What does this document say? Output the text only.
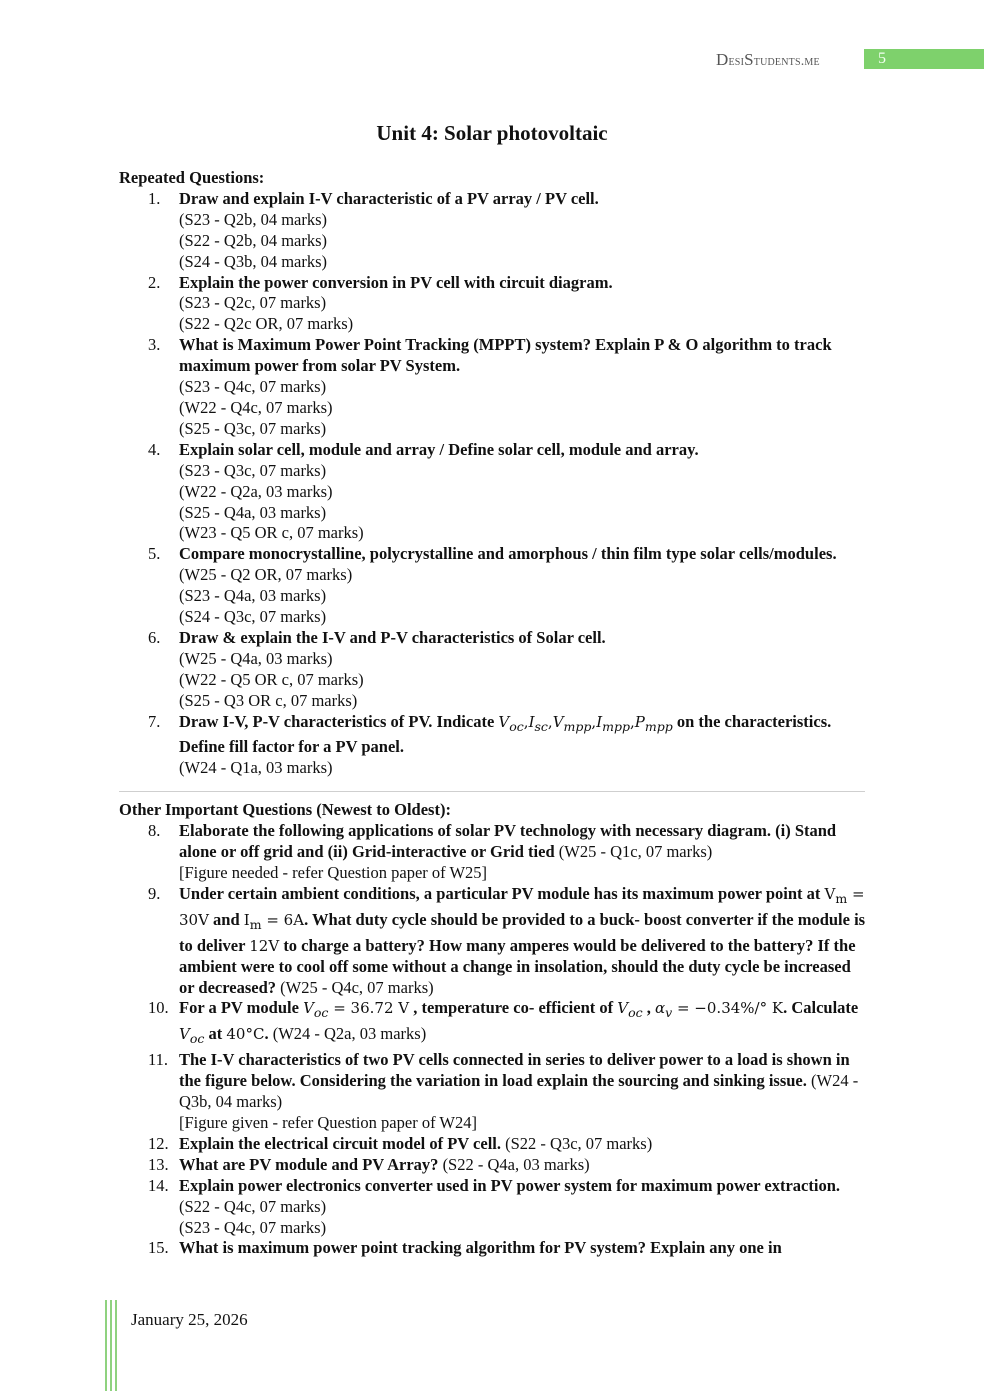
DesiStudents.me	5
Unit 4: Solar photovoltaic
Repeated Questions:
1.	Draw and explain I-V characteristic of a PV array / PV cell.
(S23 - Q2b, 04 marks)
(S22 - Q2b, 04 marks)
(S24 - Q3b, 04 marks)
2.	Explain the power conversion in PV cell with circuit diagram.
(S23 - Q2c, 07 marks)
(S22 - Q2c OR, 07 marks)
3.	What is Maximum Power Point Tracking (MPPT) system? Explain P & O algorithm to track maximum power from solar PV System.
(S23 - Q4c, 07 marks)
(W22 - Q4c, 07 marks)
(S25 - Q3c, 07 marks)
4.	Explain solar cell, module and array / Define solar cell, module and array.
(S23 - Q3c, 07 marks)
(W22 - Q2a, 03 marks)
(S25 - Q4a, 03 marks)
(W23 - Q5 OR c, 07 marks)
5.	Compare monocrystalline, polycrystalline and amorphous / thin film type solar cells/modules.
(W25 - Q2 OR, 07 marks)
(S23 - Q4a, 03 marks)
(S24 - Q3c, 07 marks)
6.	Draw & explain the I-V and P-V characteristics of Solar cell.
(W25 - Q4a, 03 marks)
(W22 - Q5 OR c, 07 marks)
(S25 - Q3 OR c, 07 marks)
7.	Draw I-V, P-V characteristics of PV. Indicate $V_{oc},I_{sc},V_{mpp},I_{mpp},P_{mpp}$ on the characteristics. Define fill factor for a PV panel.
(W24 - Q1a, 03 marks)
Other Important Questions (Newest to Oldest):
8.	Elaborate the following applications of solar PV technology with necessary diagram. (i) Stand alone or off grid and (ii) Grid-interactive or Grid tied (W25 - Q1c, 07 marks)
[Figure needed - refer Question paper of W25]
9.	Under certain ambient conditions, a particular PV module has its maximum power point at $V_m = 30V$ and $I_m = 6A$. What duty cycle should be provided to a buck- boost converter if the module is to deliver 12V to charge a battery? How many amperes would be delivered to the battery? If the ambient were to cool off some without a change in insolation, should the duty cycle be increased or decreased? (W25 - Q4c, 07 marks)
10. For a PV module $V_{oc} = 36.72$ V , temperature co- efficient of $V_{oc}$ , $\alpha_v = -0.34\%/^\circ$ K. Calculate $V_{oc}$ at 40°C. (W24 - Q2a, 03 marks)
11. The I-V characteristics of two PV cells connected in series to deliver power to a load is shown in the figure below. Considering the variation in load explain the sourcing and sinking issue. (W24 - Q3b, 04 marks)
[Figure given - refer Question paper of W24]
12. Explain the electrical circuit model of PV cell. (S22 - Q3c, 07 marks)
13. What are PV module and PV Array? (S22 - Q4a, 03 marks)
14. Explain power electronics converter used in PV power system for maximum power extraction. (S22 - Q4c, 07 marks)
(S23 - Q4c, 07 marks)
15. What is maximum power point tracking algorithm for PV system? Explain any one in
January 25, 2026
